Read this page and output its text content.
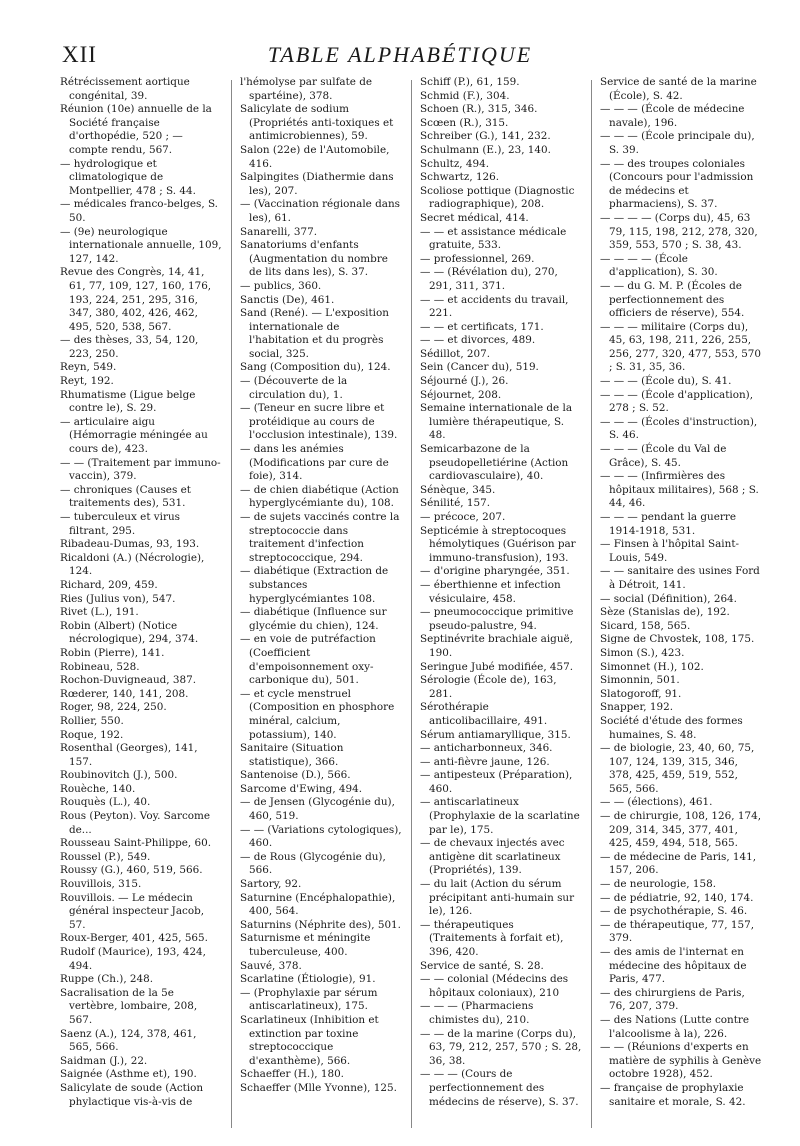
XII	TABLE ALPHABÉTIQUE

Rétrécissement aortique congénital, 39.

Réunion (10e) annuelle de la Société française d'orthopédie, 520 ; — compte rendu, 567.

— hydrologique et climatologique de Montpellier, 478 ; S. 44.

— médicales franco-belges, S. 50.

— (9e) neurologique internationale annuelle, 109, 127, 142.

Revue des Congrès, 14, 41, 61, 77, 109, 127, 160, 176, 193, 224, 251, 295, 316, 347, 380, 402, 426, 462, 495, 520, 538, 567.

— des thèses, 33, 54, 120, 223, 250.

Reyn, 549.

Reyt, 192.

Rhumatisme (Ligue belge contre le), S. 29.

— articulaire aigu (Hémorragie méningée au cours de), 423.

— — (Traitement par immuno-vaccin), 379.

— chroniques (Causes et traitements des), 531.

— tuberculeux et virus filtrant, 295.

Ribadeau-Dumas, 93, 193.

Ricaldoni (A.) (Nécrologie), 124.

Richard, 209, 459.

Ries (Julius von), 547.

Rivet (L.), 191.

Robin (Albert) (Notice nécrologique), 294, 374.

Robin (Pierre), 141.

Robineau, 528.

Rochon-Duvigneaud, 387.

Rœderer, 140, 141, 208.

Roger, 98, 224, 250.

Rollier, 550.

Roque, 192.

Rosenthal (Georges), 141, 157.

Roubinovitch (J.), 500.

Rouèche, 140.

Rouquès (L.), 40.

Rous (Peyton). Voy. Sarcome de...

Rousseau Saint-Philippe, 60.

Roussel (P.), 549.

Roussy (G.), 460, 519, 566.

Rouvillois, 315.

Rouvillois. — Le médecin général inspecteur Jacob, 57.

Roux-Berger, 401, 425, 565.

Rudolf (Maurice), 193, 424, 494.

Ruppe (Ch.), 248.

Sacralisation de la 5e vertèbre, lombaire, 208, 567.

Saenz (A.), 124, 378, 461, 565, 566.

Saidman (J.), 22.

Saignée (Asthme et), 190.

Salicylate de soude (Action phylactique vis-à-vis de

l'hémolyse par sulfate de spartéine), 378.

Salicylate de sodium (Propriétés anti-toxiques et antimicrobiennes), 59.

Salon (22e) de l'Automobile, 416.

Salpingites (Diathermie dans les), 207.

— (Vaccination régionale dans les), 61.

Sanarelli, 377.

Sanatoriums d'enfants (Augmentation du nombre de lits dans les), S. 37.

— publics, 360.

Sanctis (De), 461.

Sand (René). — L'exposition internationale de l'habitation et du progrès social, 325.

Sang (Composition du), 124.

— (Découverte de la circulation du), 1.

— (Teneur en sucre libre et protéidique au cours de l'occlusion intestinale), 139.

— dans les anémies (Modifications par cure de foie), 314.

— de chien diabétique (Action hyperglycémiante du), 108.

— de sujets vaccinés contre la streptococcie dans traitement d'infection streptococcique, 294.

— diabétique (Extraction de substances hyperglycémiantes 108.

— diabétique (Influence sur glycémie du chien), 124.

— en voie de putréfaction (Coefficient d'empoisonnement oxy-carbonique du), 501.

— et cycle menstruel (Composition en phosphore minéral, calcium, potassium), 140.

Sanitaire (Situation statistique), 366.

Santenoise (D.), 566.

Sarcome d'Ewing, 494.

— de Jensen (Glycogénie du), 460, 519.

— — (Variations cytologiques), 460.

— de Rous (Glycogénie du), 566.

Sartory, 92.

Saturnine (Encéphalopathie), 400, 564.

Saturnins (Néphrite des), 501.

Saturnisme et méningite tuberculeuse, 400.

Sauvé, 378.

Scarlatine (Étiologie), 91.

— (Prophylaxie par sérum antiscarlatineux), 175.

Scarlatineux (Inhibition et extinction par toxine streptococcique d'exanthème), 566.

Schaeffer (H.), 180.

Schaeffer (Mlle Yvonne), 125.

Schiff (P.), 61, 159.

Schmid (F.), 304.

Schoen (R.), 315, 346.

Scœen (R.), 315.

Schreiber (G.), 141, 232.

Schulmann (E.), 23, 140.

Schultz, 494.

Schwartz, 126.

Scoliose pottique (Diagnostic radiographique), 208.

Secret médical, 414.

— — et assistance médicale gratuite, 533.

— professionnel, 269.

— — (Révélation du), 270, 291, 311, 371.

— — et accidents du travail, 221.

— — et certificats, 171.

— — et divorces, 489.

Sédillot, 207.

Sein (Cancer du), 519.

Séjourné (J.), 26.

Séjournet, 208.

Semaine internationale de la lumière thérapeutique, S. 48.

Semicarbazone de la pseudopelletiérine (Action cardiovasculaire), 40.

Sénèque, 345.

Sénilité, 157.

— précoce, 207.

Septicémie à streptocoques hémolytiques (Guérison par immuno-transfusion), 193.

— d'origine pharyngée, 351.

— éberthienne et infection vésiculaire, 458.

— pneumococcique primitive pseudo-palustre, 94.

Septinévrite brachiale aiguë, 190.

Seringue Jubé modifiée, 457.

Sérologie (École de), 163, 281.

Sérothérapie anticolibacillaire, 491.

Sérum antiamaryllique, 315.

— anticharbonneux, 346.

— anti-fièvre jaune, 126.

— antipesteux (Préparation), 460.

— antiscarlatineux (Prophylaxie de la scarlatine par le), 175.

— de chevaux injectés avec antigène dit scarlatineux (Propriétés), 139.

— du lait (Action du sérum précipitant anti-humain sur le), 126.

— thérapeutiques (Traitements à forfait et), 396, 420.

Service de santé, S. 28.

— — colonial (Médecins des hôpitaux coloniaux), 210

— — — (Pharmaciens chimistes du), 210.

— — de la marine (Corps du), 63, 79, 212, 257, 570 ; S. 28, 36, 38.

— — — (Cours de perfectionnement des médecins de réserve), S. 37.

Service de santé de la marine (École), S. 42.

— — — (École de médecine navale), 196.

— — — (École principale du), S. 39.

— — des troupes coloniales (Concours pour l'admission de médecins et pharmaciens), S. 37.

— — — — (Corps du), 45, 63 79, 115, 198, 212, 278, 320, 359, 553, 570 ; S. 38, 43.

— — — — (École d'application), S. 30.

— — du G. M. P. (Écoles de perfectionnement des officiers de réserve), 554.

— — — militaire (Corps du), 45, 63, 198, 211, 226, 255, 256, 277, 320, 477, 553, 570 ; S. 31, 35, 36.

— — — (École du), S. 41.

— — — (École d'application), 278 ; S. 52.

— — — (Écoles d'instruction), S. 46.

— — — (École du Val de Grâce), S. 45.

— — — (Infirmières des hôpitaux militaires), 568 ; S. 44, 46.

— — — pendant la guerre 1914-1918, 531.

— Finsen à l'hôpital Saint-Louis, 549.

— — sanitaire des usines Ford à Détroit, 141.

— social (Définition), 264.

Sèze (Stanislas de), 192.

Sicard, 158, 565.

Signe de Chvostek, 108, 175.

Simon (S.), 423.

Simonnet (H.), 102.

Simonnin, 501.

Slatogoroff, 91.

Snapper, 192.

Société d'étude des formes humaines, S. 48.

— de biologie, 23, 40, 60, 75, 107, 124, 139, 315, 346, 378, 425, 459, 519, 552, 565, 566.

— — (élections), 461.

— de chirurgie, 108, 126, 174, 209, 314, 345, 377, 401, 425, 459, 494, 518, 565.

— de médecine de Paris, 141, 157, 206.

— de neurologie, 158.

— de pédiatrie, 92, 140, 174.

— de psychothérapie, S. 46.

— de thérapeutique, 77, 157, 379.

— des amis de l'internat en médecine des hôpitaux de Paris, 477.

— des chirurgiens de Paris, 76, 207, 379.

— des Nations (Lutte contre l'alcoolisme à la), 226.

— — (Réunions d'experts en matière de syphilis à Genève octobre 1928), 452.

— française de prophylaxie sanitaire et morale, S. 42.
